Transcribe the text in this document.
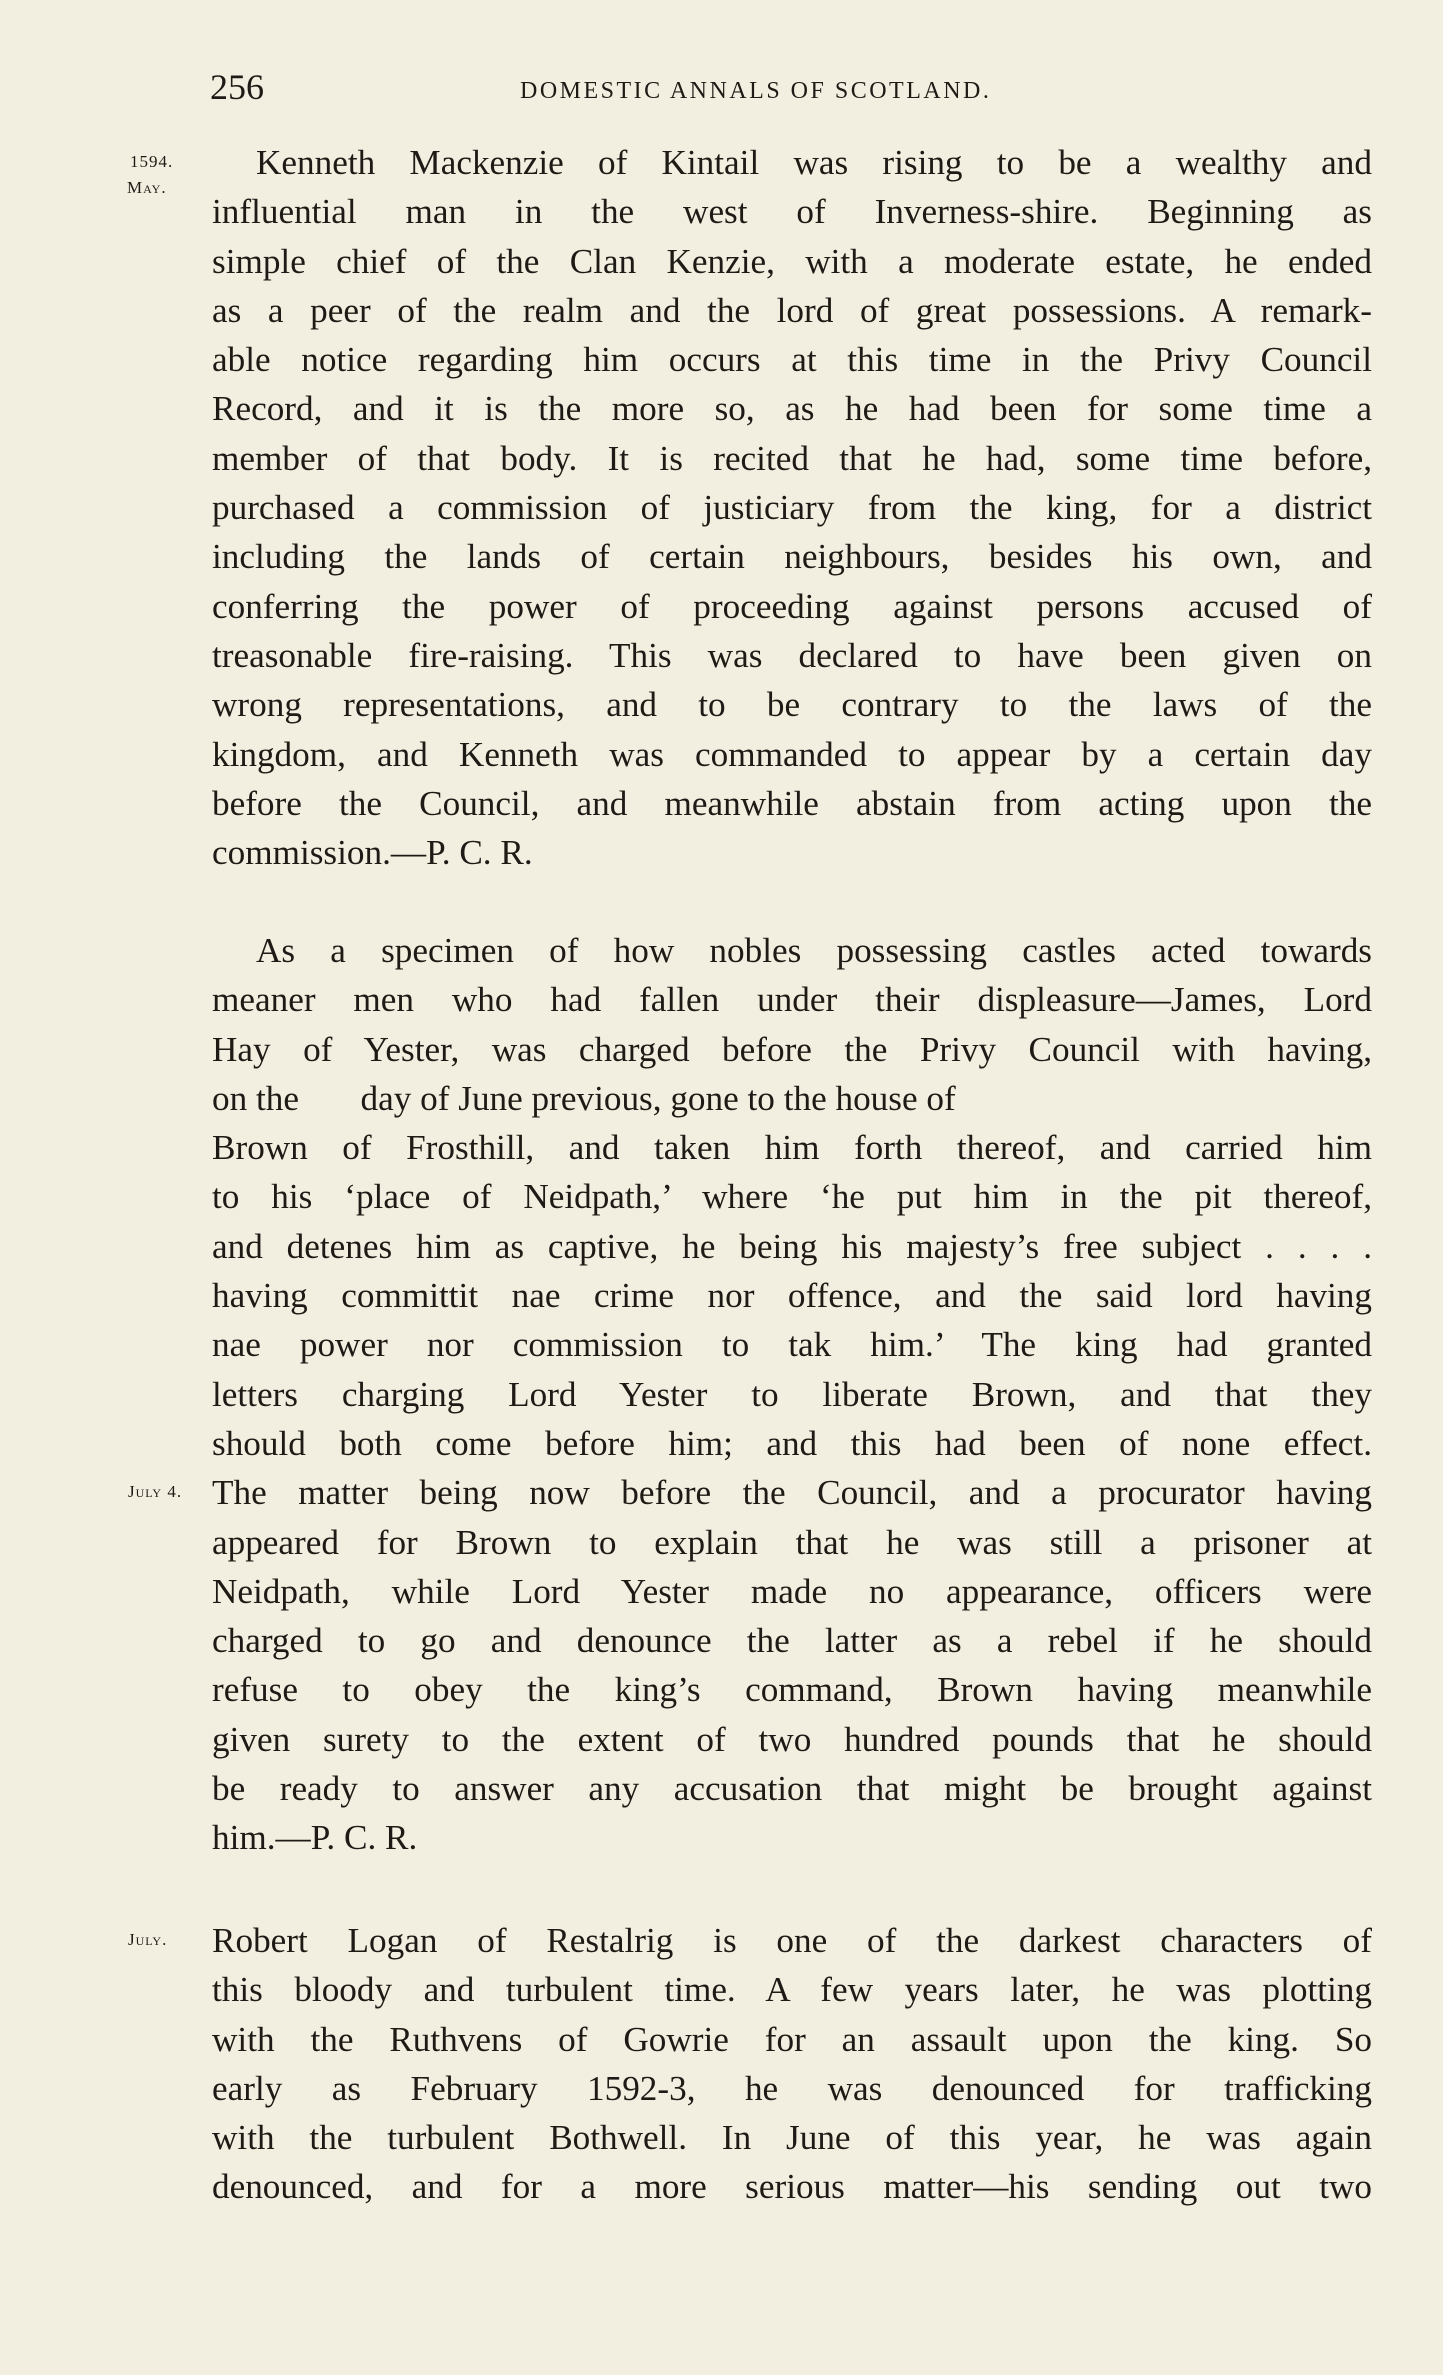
256	DOMESTIC ANNALS OF SCOTLAND.
1594.
May.
July 4.
July.
Kenneth Mackenzie of Kintail was rising to be a wealthy and
influential man in the west of Inverness-shire. Beginning as
simple chief of the Clan Kenzie, with a moderate estate, he ended
as a peer of the realm and the lord of great possessions. A remark-
able notice regarding him occurs at this time in the Privy Council
Record, and it is the more so, as he had been for some time a
member of that body. It is recited that he had, some time before,
purchased a commission of justiciary from the king, for a district
including the lands of certain neighbours, besides his own, and
conferring the power of proceeding against persons accused of
treasonable fire-raising. This was declared to have been given on
wrong representations, and to be contrary to the laws of the
kingdom, and Kenneth was commanded to appear by a certain day
before the Council, and meanwhile abstain from acting upon the
commission.—P. C. R.
As a specimen of how nobles possessing castles acted towards
meaner men who had fallen under their displeasure—James, Lord
Hay of Yester, was charged before the Privy Council with having,
on the       day of June previous, gone to the house of
Brown of Frosthill, and taken him forth thereof, and carried him
to his ‘place of Neidpath,’ where ‘he put him in the pit thereof,
and detenes him as captive, he being his majesty’s free subject . . . .
having committit nae crime nor offence, and the said lord having
nae power nor commission to tak him.’ The king had granted
letters charging Lord Yester to liberate Brown, and that they
should both come before him; and this had been of none effect.
The matter being now before the Council, and a procurator having
appeared for Brown to explain that he was still a prisoner at
Neidpath, while Lord Yester made no appearance, officers were
charged to go and denounce the latter as a rebel if he should
refuse to obey the king’s command, Brown having meanwhile
given surety to the extent of two hundred pounds that he should
be ready to answer any accusation that might be brought against
him.—P. C. R.
Robert Logan of Restalrig is one of the darkest characters of
this bloody and turbulent time. A few years later, he was plotting
with the Ruthvens of Gowrie for an assault upon the king. So
early as February 1592-3, he was denounced for trafficking
with the turbulent Bothwell. In June of this year, he was again
denounced, and for a more serious matter—his sending out two
